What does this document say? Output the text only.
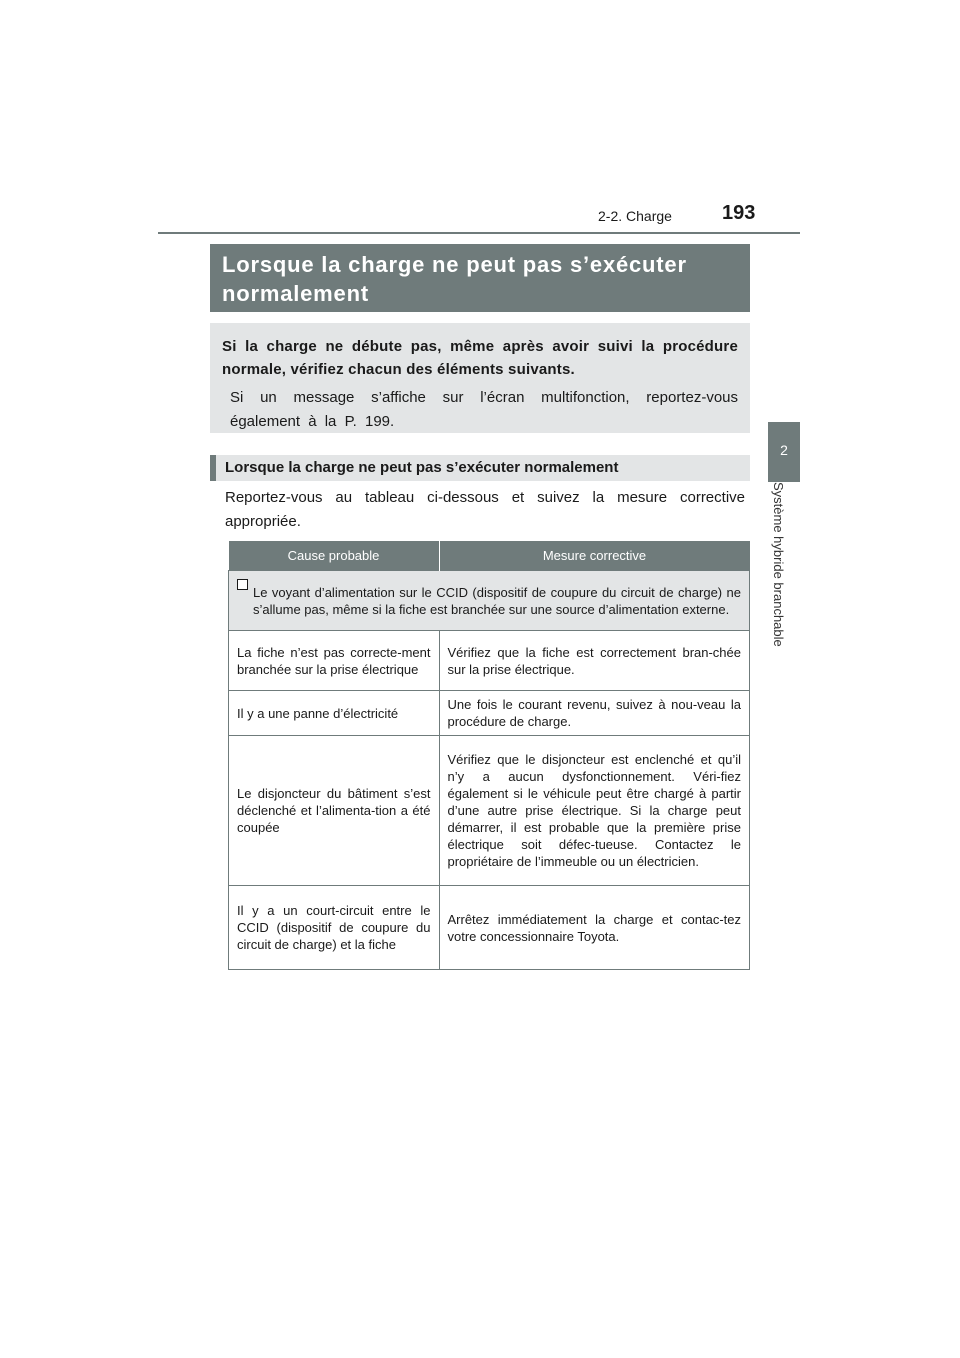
2-2. Charge	193
2
Système hybride branchable
Lorsque la charge ne peut pas s’exécuter normalement
Si la charge ne débute pas, même après avoir suivi la procédure normale, vérifiez chacun des éléments suivants.
Si un message s’affiche sur l’écran multifonction, reportez-vous également à la P. 199.
Lorsque la charge ne peut pas s’exécuter normalement
Reportez-vous au tableau ci-dessous et suivez la mesure corrective appropriée.
Cause probable	Mesure corrective

Le voyant d’alimentation sur le CCID (dispositif de coupure du circuit de charge) ne s’allume pas, même si la fiche est branchée sur une source d’alimentation externe.	
La fiche n’est pas correcte-ment branchée sur la prise électrique	Vérifiez que la fiche est correctement bran-chée sur la prise électrique.
Il y a une panne d’électricité	Une fois le courant revenu, suivez à nou-veau la procédure de charge.
Le disjoncteur du bâtiment s’est déclenché et l’alimenta-tion a été coupée	Vérifiez que le disjoncteur est enclenché et qu’il n’y a aucun dysfonctionnement. Véri-fiez également si le véhicule peut être chargé à partir d’une autre prise électrique. Si la charge peut démarrer, il est probable que la première prise électrique soit défec-tueuse. Contactez le propriétaire de l’immeuble ou un électricien.
Il y a un court-circuit entre le CCID (dispositif de coupure du circuit de charge) et la fiche	Arrêtez immédiatement la charge et contac-tez votre concessionnaire Toyota.
